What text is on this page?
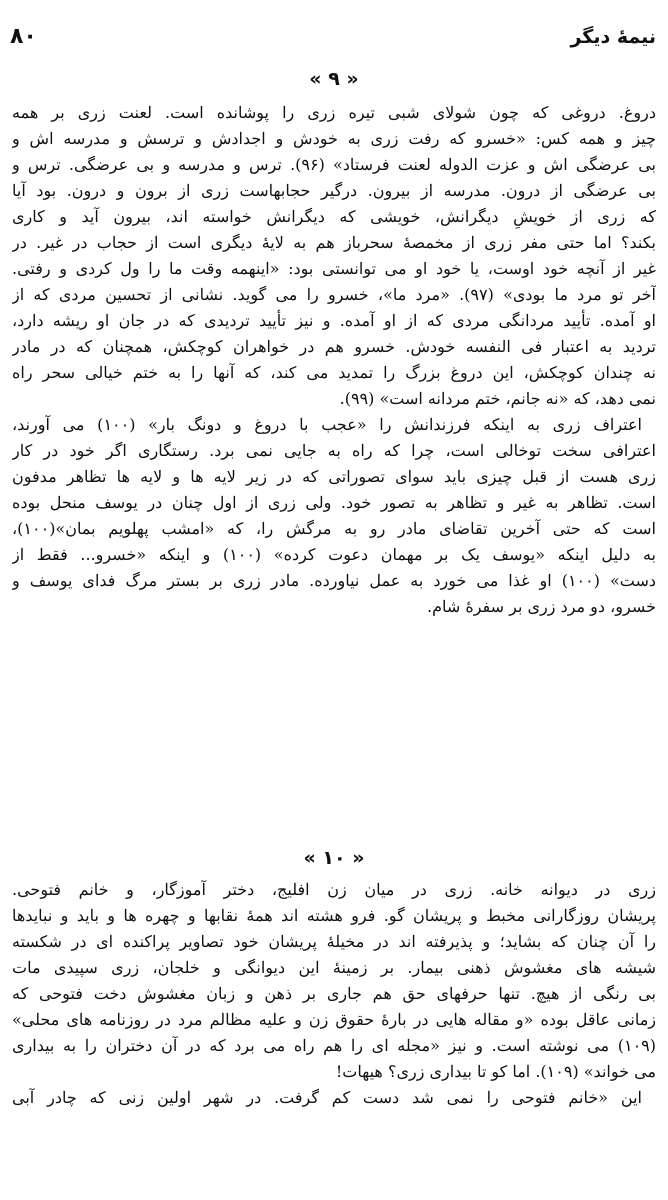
۸۰	نیمهٔ دیگر
« ۹ »
دروغ. دروغی که چون شولای شبی تیره زری را پوشانده است. لعنت زری بر همه
چیز و همه کس: «خسرو که رفت زری به خودش و اجدادش و ترسش و مدرسه اش و
بی عرضگی اش و عزت الدوله لعنت فرستاد» (۹۶). ترس و مدرسه و بی عرضگی. ترس و
بی عرضگی از درون. مدرسه از بیرون. درگیر حجابهاست زری از برون و درون. بود آیا
که زری از خویشِ دیگرانش، خویشی که دیگرانش خواسته اند، بیرون آید و کاری
بکند؟ اما حتی مفر زری از مخمصهٔ سحرباز هم به لایهٔ دیگری است از حجاب در غیر. در
غیر از آنچه خود اوست، یا خود او می توانستی بود: «اینهمه وقت ما را ول کردی و رفتی.
آخر تو مرد ما بودی» (۹۷). «مرد ما»، خسرو را می گوید. نشانی از تحسین مردی که از
او آمده. تأیید مردانگی مردی که از او آمده. و نیز تأیید تردیدی که در جان او ریشه دارد،
تردید به اعتبار فی النفسه خودش. خسرو هم در خواهران کوچکش، همچنان که در مادر
نه چندان کوچکش، این دروغ بزرگ را تمدید می کند، که آنها را به ختم خیالی سحر راه
نمی دهد، که «نه جانم، ختم مردانه است» (۹۹).
اعتراف زری به اینکه فرزندانش را «عجب با دروغ و دونگ بار» (۱۰۰) می آورند،
اعترافی سخت توخالی است، چرا که راه به جایی نمی برد. رستگاری اگر خود در کار
زری هست از قبل چیزی باید سوای تصوراتی که در زیر لایه ها و لایه ها تظاهر مدفون
است. تظاهر به غیر و تظاهر به تصور خود. ولی زری از اول چنان در یوسف منحل بوده
است که حتی آخرین تقاضای مادر رو به مرگش را، که «امشب پهلویم بمان»(۱۰۰)،
به دلیل اینکه «یوسف یک بر مهمان دعوت کرده» (۱۰۰) و اینکه «خسرو... فقط از
دست» (۱۰۰) او غذا می خورد به عمل نیاورده. مادر زری بر بستر مرگ فدای یوسف و
خسرو، دو مرد زری بر سفرهٔ شام.
« ۱۰ »
زری در دیوانه خانه. زری در میان زن افلیج، دختر آموزگار، و خانم فتوحی.
پریشان روزگارانی مخبط و پریشان گو. فرو هشته اند همهٔ نقابها و چهره ها و باید و نبایدها
را آن چنان که بشاید؛ و پذیرفته اند در مخیلهٔ پریشان خود تصاویر پراکنده ای در شکسته
شیشه های مغشوش ذهنی بیمار. بر زمینهٔ این دیوانگی و خلجان، زری سپیدی مات
بی رنگی از هیچ. تنها حرفهای حق هم جاری بر ذهن و زبان مغشوش دخت فتوحی که
زمانی عاقل بوده «و مقاله هایی در بارهٔ حقوق زن و علیه مظالم مرد در روزنامه های محلی»
(۱۰۹) می نوشته است. و نیز «مجله ای را هم راه می برد که در آن دختران را به بیداری
می خواند» (۱۰۹). اما کو تا بیداری زری؟ هیهات!
این «خانم فتوحی را نمی شد دست کم گرفت. در شهر اولین زنی که چادر آبی
